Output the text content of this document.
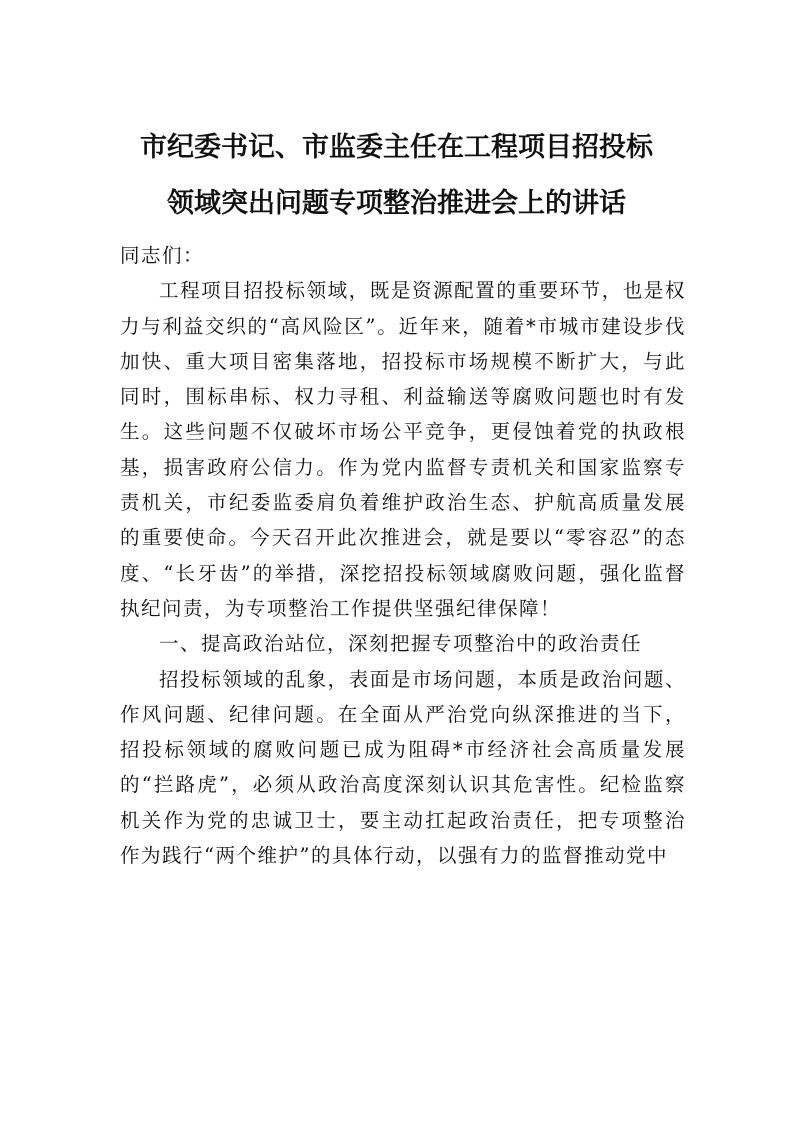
市纪委书记、市监委主任在工程项目招投标
领域突出问题专项整治推进会上的讲话

同志们：

工程项目招投标领域，既是资源配置的重要环节，也是权力与利益交织的“高风险区”。近年来，随着*市城市建设步伐加快、重大项目密集落地，招投标市场规模不断扩大，与此同时，围标串标、权力寻租、利益输送等腐败问题也时有发生。这些问题不仅破坏市场公平竞争，更侵蚀着党的执政根基，损害政府公信力。作为党内监督专责机关和国家监察专责机关，市纪委监委肩负着维护政治生态、护航高质量发展的重要使命。今天召开此次推进会，就是要以“零容忍”的态度、“长牙齿”的举措，深挖招投标领域腐败问题，强化监督执纪问责，为专项整治工作提供坚强纪律保障！

一、提高政治站位，深刻把握专项整治中的政治责任

招投标领域的乱象，表面是市场问题，本质是政治问题、作风问题、纪律问题。在全面从严治党向纵深推进的当下，招投标领域的腐败问题已成为阻碍*市经济社会高质量发展的“拦路虎”，必须从政治高度深刻认识其危害性。纪检监察机关作为党的忠诚卫士，要主动扛起政治责任，把专项整治作为践行“两个维护”的具体行动，以强有力的监督推动党中
